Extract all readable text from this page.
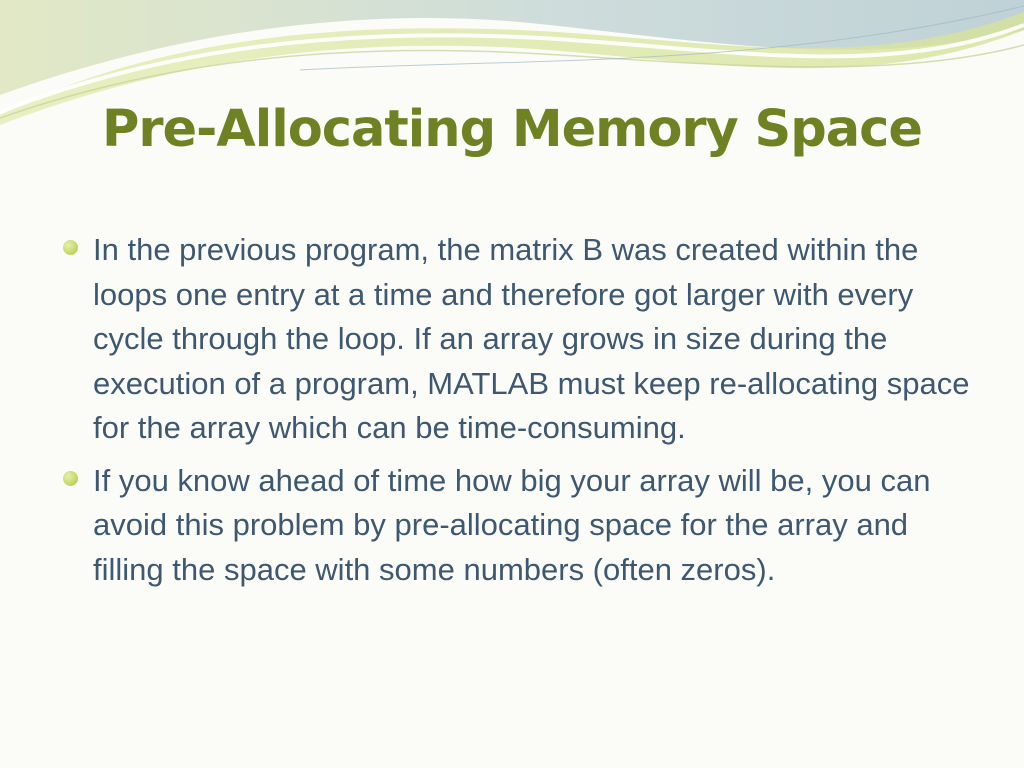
Pre-Allocating Memory Space
In the previous program, the matrix B was created within the loops one entry at a time and therefore got larger with every cycle through the loop. If an array grows in size during the execution of a program, MATLAB must keep re-allocating space for the array which can be time-consuming.
If you know ahead of time how big your array will be, you can avoid this problem by pre-allocating space for the array and filling the space with some numbers (often zeros).
